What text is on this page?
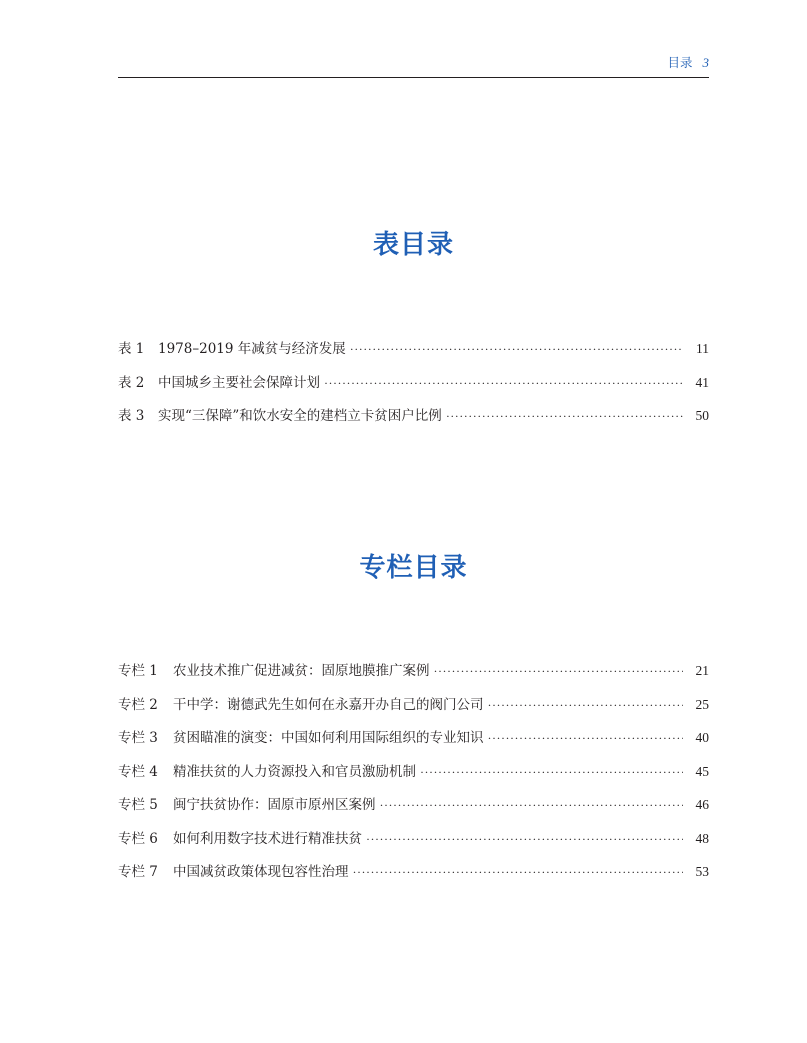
目录 3
表目录
表 1	1978–2019 年减贫与经济发展 ·····	11
表 2	中国城乡主要社会保障计划 ·····	41
表 3	实现“三保障”和饮水安全的建档立卡贫困户比例 ·····	50
专栏目录
专栏 1	农业技术推广促进减贫：固原地膜推广案例 ·····	21
专栏 2	干中学：谢德武先生如何在永嘉开办自己的阀门公司 ·····	25
专栏 3	贫困瞄准的演变：中国如何利用国际组织的专业知识 ·····	40
专栏 4	精准扶贫的人力资源投入和官员激励机制 ·····	45
专栏 5	闽宁扶贫协作：固原市原州区案例 ·····	46
专栏 6	如何利用数字技术进行精准扶贫 ·····	48
专栏 7	中国减贫政策体现包容性治理 ·····	53
